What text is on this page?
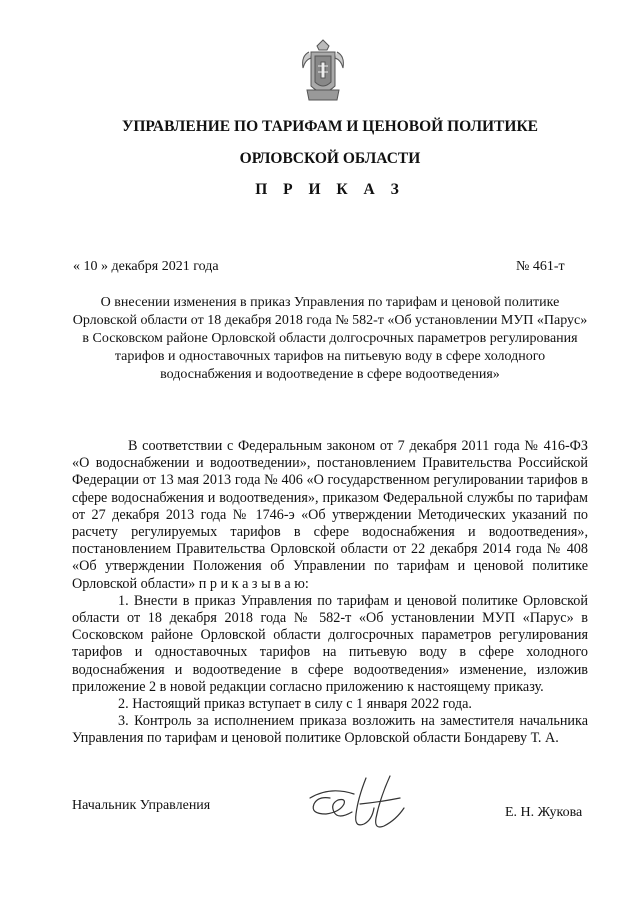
УПРАВЛЕНИЕ ПО ТАРИФАМ И ЦЕНОВОЙ ПОЛИТИКЕ
ОРЛОВСКОЙ ОБЛАСТИ
П Р И К А З
« 10 » декабря 2021 года	№ 461-т
О внесении изменения в приказ Управления по тарифам и ценовой политике Орловской области от 18 декабря 2018 года № 582-т «Об установлении МУП «Парус» в Сосковском районе Орловской области долгосрочных параметров регулирования тарифов и одноставочных тарифов на питьевую воду в сфере холодного водоснабжения и водоотведение в сфере водоотведения»

В соответствии с Федеральным законом от 7 декабря 2011 года № 416-ФЗ «О водоснабжении и водоотведении», постановлением Правительства Российской Федерации от 13 мая 2013 года № 406 «О государственном регулировании тарифов в сфере водоснабжения и водоотведения», приказом Федеральной службы по тарифам от 27 декабря 2013 года № 1746-э «Об утверждении Методических указаний по расчету регулируемых тарифов в сфере водоснабжения и водоотведения», постановлением Правительства Орловской области от 22 декабря 2014 года № 408 «Об утверждении Положения об Управлении по тарифам и ценовой политике Орловской области» п р и к а з ы в а ю:

1. Внести в приказ Управления по тарифам и ценовой политике Орловской области от 18 декабря 2018 года № 582-т «Об установлении МУП «Парус» в Сосковском районе Орловской области долгосрочных параметров регулирования тарифов и одноставочных тарифов на питьевую воду в сфере холодного водоснабжения и водоотведение в сфере водоотведения» изменение, изложив приложение 2 в новой редакции согласно приложению к настоящему приказу.

2. Настоящий приказ вступает в силу с 1 января 2022 года.

3. Контроль за исполнением приказа возложить на заместителя начальника Управления по тарифам и ценовой политике Орловской области Бондареву Т. А.

Начальник Управления	Е. Н. Жукова
